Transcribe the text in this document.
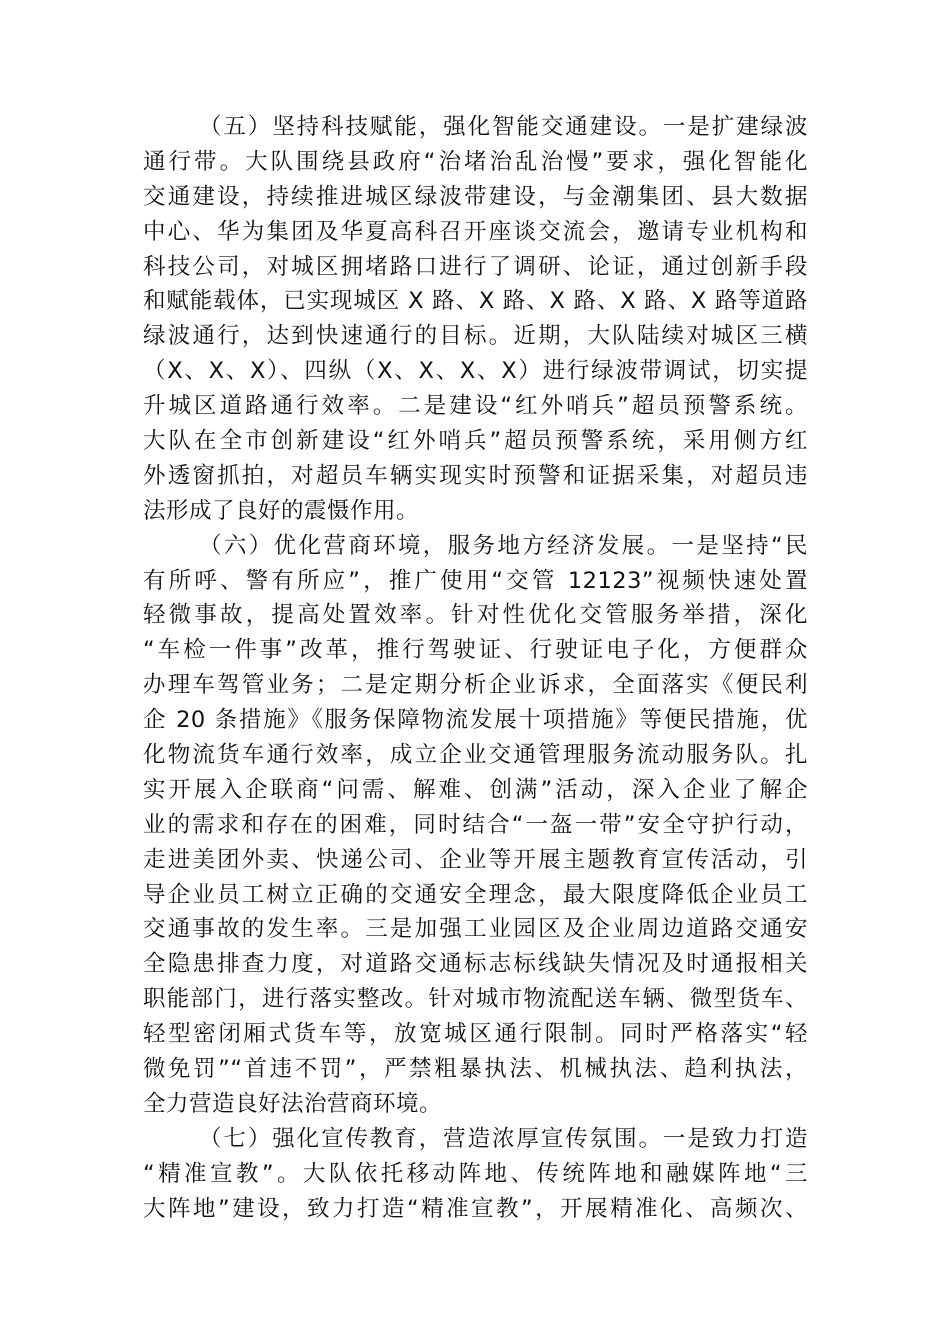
（五）坚持科技赋能，强化智能交通建设。一是扩建绿波
通行带。大队围绕县政府“治堵治乱治慢”要求，强化智能化
交通建设，持续推进城区绿波带建设，与金潮集团、县大数据
中心、华为集团及华夏高科召开座谈交流会，邀请专业机构和
科技公司，对城区拥堵路口进行了调研、论证，通过创新手段
和赋能载体，已实现城区 X 路、X 路、X 路、X 路、X 路等道路
绿波通行，达到快速通行的目标。近期，大队陆续对城区三横
（X、X、X）、四纵（X、X、X、X）进行绿波带调试，切实提
升城区道路通行效率。二是建设“红外哨兵”超员预警系统。
大队在全市创新建设“红外哨兵”超员预警系统，采用侧方红
外透窗抓拍，对超员车辆实现实时预警和证据采集，对超员违
法形成了良好的震慑作用。
（六）优化营商环境，服务地方经济发展。一是坚持“民
有所呼、警有所应”，推广使用“交管 12123”视频快速处置
轻微事故，提高处置效率。针对性优化交管服务举措，深化
“车检一件事”改革，推行驾驶证、行驶证电子化，方便群众
办理车驾管业务；二是定期分析企业诉求，全面落实《便民利
企 20 条措施》《服务保障物流发展十项措施》等便民措施，优
化物流货车通行效率，成立企业交通管理服务流动服务队。扎
实开展入企联商“问需、解难、创满”活动，深入企业了解企
业的需求和存在的困难，同时结合“一盔一带”安全守护行动，
走进美团外卖、快递公司、企业等开展主题教育宣传活动，引
导企业员工树立正确的交通安全理念，最大限度降低企业员工
交通事故的发生率。三是加强工业园区及企业周边道路交通安
全隐患排查力度，对道路交通标志标线缺失情况及时通报相关
职能部门，进行落实整改。针对城市物流配送车辆、微型货车、
轻型密闭厢式货车等，放宽城区通行限制。同时严格落实“轻
微免罚”“首违不罚”，严禁粗暴执法、机械执法、趋利执法，
全力营造良好法治营商环境。
（七）强化宣传教育，营造浓厚宣传氛围。一是致力打造
“精准宣教”。大队依托移动阵地、传统阵地和融媒阵地“三
大阵地”建设，致力打造“精准宣教”，开展精准化、高频次、
